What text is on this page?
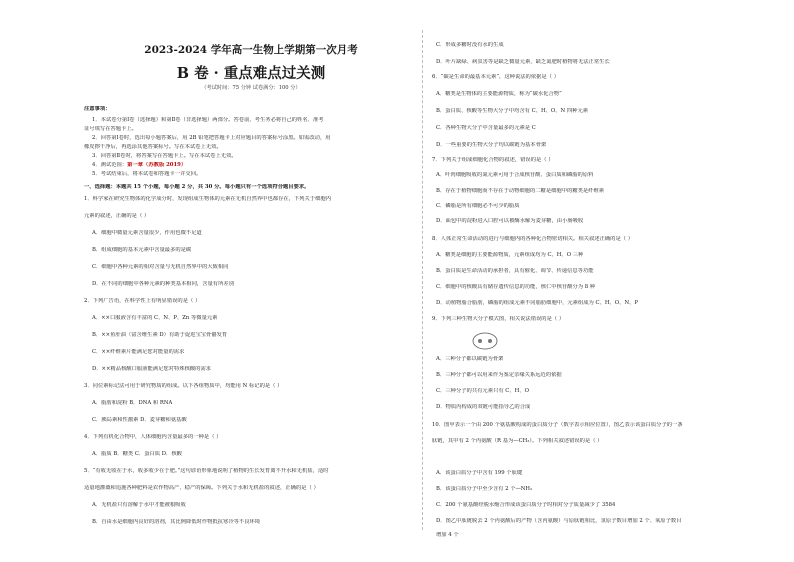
2023-2024 学年高一生物上学期第一次月考
B 卷 · 重点难点过关测
（考试时间：75 分钟 试卷满分：100 分）
注意事项：
1．本试卷分第Ⅰ卷（选择题）和第Ⅱ卷（非选择题）两部分。答卷前，考生务必将自己的姓名、准考
证号填写在答题卡上。
2．回答第Ⅰ卷时，选出每小题答案后，用 2B 铅笔把答题卡上对应题目的答案标号涂黑。如需改动，用
橡皮擦干净后，再选涂其他答案标号。写在本试卷上无效。
3．回答第Ⅱ卷时，将答案写在答题卡上。写在本试卷上无效。
4．测试范围：第一章（苏教版 2019）
5．考试结束后，将本试卷和答题卡一并交回。
一、选择题：本题共 15 个小题，每小题 2 分，共 30 分。每小题只有一个选项符合题目要求。
1．科学家在研究生物体的化学成分时，发现组成生物体的元素在无机自然界中也都存在，下列关于细胞内
元素的叙述，正确的是（ ）
A．细胞中微量元素含量很少，作用也微不足道
B．组成细胞的基本元素中含量最多的是碳
C．细胞中各种元素的相对含量与无机自然界中的大致相同
D．在不同的细胞中各种元素的种类基本相同，含量有所差别
2．下列广告语，在科学性上有明显错误的是（ ）
A．××口服液含有丰富的 C、N、P、Zn 等微量元素
B．××鱼肝油（富含维生素 D）有助于促进宝宝骨骼发育
C．××纤维素片能满足您对能量的需求
D．××精品核酸口服液能满足您对特殊核酸的需求
3．同位素标记法可用于研究物质的组成。以下各组物质中，均能用 N 标记的是（ ）
A．脂肪和淀粉 B．DNA 和 RNA
C．胰岛素和性激素 D．麦芽糖和氨基酸
4．下列有机化合物中，人体细胞内含量最多的一种是（ ）
A．脂质 B．糖类 C．蛋白质 D．核酸
5．“有收无收在于水，收多收少在于肥。”这句谚语形象地说明了植物的生长发育离不开水和无机盐，适时
适量地灌溉和追施各种肥料是农作物高产、稳产的保障。下列关于水和无机盐的叙述，正确的是（ ）
A．无机盐只有溶解于水中才能被根吸收
B．自由水是细胞内良好的溶剂，其比例降低时作物抵抗寒冷等不良环境
C．形成多糖时没有水的生成
D．叶片缺绿、病虫害等是缺乏微量元素，缺乏氮肥时植物将无法正常生长
6．“碳是生命的最基本元素”，这种说法的依据是（ ）
A．糖类是生物体的主要能源物质，称为“碳水化合物”
B．蛋白质、核酸等生物大分子中均含有 C、H、O、N 四种元素
C．各种生物大分子中含量最多的元素是 C
D．一些重要的生物大分子均以碳链为基本骨架
7．下列关于组成细胞化合物的叙述，错误的是（ ）
A．叶肉细胞吸收的氮元素可用于合成核苷酸、蛋白质和磷脂的原料
B．存在于植物细胞而不存在于动物细胞的二糖是细胞中的糖类是纤维素
C．磷脂是所有细胞必不可少的脂质
D．面包中的淀粉进入口腔可以被酶水解为麦芽糖，由小肠吸收
8．人体正常生命活动的进行与细胞内的各种化合物密切相关。相关叙述正确的是（ ）
A．糖类是细胞的主要能源物质，元素组成均为 C、H、O 三种
B．蛋白质是生命活动的承担者，具有催化、调节、传递信息等功能
C．细胞中的核酸具有储存遗传信息的功能，核仁中核苷酸分为 8 种
D．动植物脂合脂肪，磷脂的组成元素不同脂肪细胞中，元素组成为 C、H、O、N、P
9．下列三种生物大分子模式图，相关说法错误的是（ ）
A．三种分子都以碳链为骨架
B．三种分子都可以用来作为鉴定亲缘关系远近的依据
C．三种分子的共有元素只有 C、H、O
D．物质丙构成的双链可能指导乙的合成
10．图甲表示一个由 200 个氨基酸构成的蛋白质分子（数字表示相应位置），图乙表示该蛋白质分子的一条
肽链，其中有 2 个丙氨酸（R 基为—CH₃）。下列相关叙述错误的是（ ）
A．该蛋白质分子中含有 199 个肽键
B．该蛋白质分子中至少含有 2 个—NH₂
C．200 个氨基酸经脱水缩合形成该蛋白质分子时相对分子质量减少了 3584
D．图乙中肽链脱去 2 个丙氨酸后的产物（含丙氨酸）与原肽链相比，氢原子数目增加 2 个、氧原子数目
增加 4 个
